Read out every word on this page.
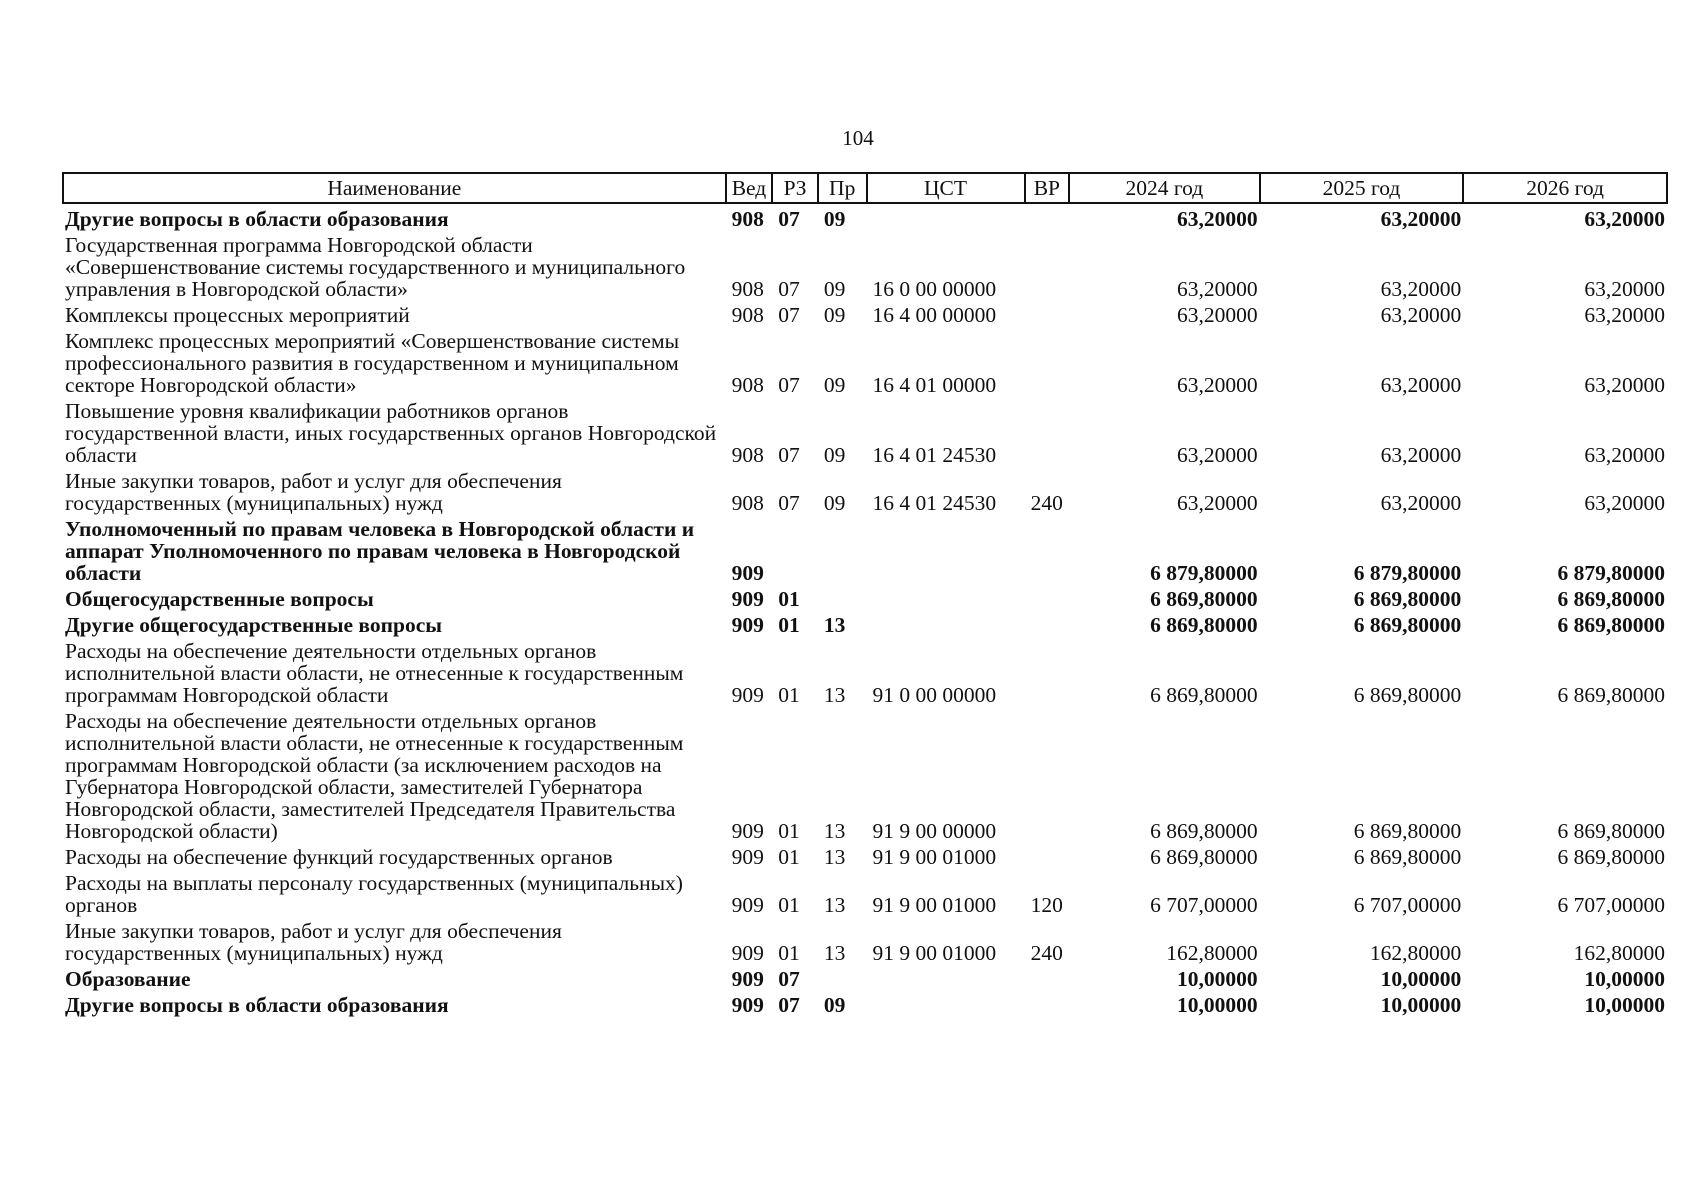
104
Наименование	Вед	РЗ	Пр	ЦСТ	ВР	2024 год	2025 год	2026 год
Другие вопросы в области образования	908	07	09			63,20000	63,20000	63,20000
Государственная программа Новгородской области «Совершенствование системы государственного и муниципального управления в Новгородской области»	908	07	09	16 0 00 00000		63,20000	63,20000	63,20000
Комплексы процессных мероприятий	908	07	09	16 4 00 00000		63,20000	63,20000	63,20000
Комплекс процессных мероприятий «Совершенствование системы профессионального развития в государственном и муниципальном секторе Новгородской области»	908	07	09	16 4 01 00000		63,20000	63,20000	63,20000
Повышение уровня квалификации работников органов государственной власти, иных государственных органов Новгородской области	908	07	09	16 4 01 24530		63,20000	63,20000	63,20000
Иные закупки товаров, работ и услуг для обеспечения государственных (муниципальных) нужд	908	07	09	16 4 01 24530	240	63,20000	63,20000	63,20000
Уполномоченный по правам человека в Новгородской области и аппарат Уполномоченного по правам человека в Новгородской области	909					6 879,80000	6 879,80000	6 879,80000
Общегосударственные вопросы	909	01				6 869,80000	6 869,80000	6 869,80000
Другие общегосударственные вопросы	909	01	13			6 869,80000	6 869,80000	6 869,80000
Расходы на обеспечение деятельности отдельных органов исполнительной власти области, не отнесенные к государственным программам Новгородской области	909	01	13	91 0 00 00000		6 869,80000	6 869,80000	6 869,80000
Расходы на обеспечение деятельности отдельных органов исполнительной власти области, не отнесенные к государственным программам Новгородской области (за исключением расходов на Губернатора Новгородской области, заместителей Губернатора Новгородской области, заместителей Председателя Правительства Новгородской области)	909	01	13	91 9 00 00000		6 869,80000	6 869,80000	6 869,80000
Расходы на обеспечение функций государственных органов	909	01	13	91 9 00 01000		6 869,80000	6 869,80000	6 869,80000
Расходы на выплаты персоналу государственных (муниципальных) органов	909	01	13	91 9 00 01000	120	6 707,00000	6 707,00000	6 707,00000
Иные закупки товаров, работ и услуг для обеспечения государственных (муниципальных) нужд	909	01	13	91 9 00 01000	240	162,80000	162,80000	162,80000
Образование	909	07				10,00000	10,00000	10,00000
Другие вопросы в области образования	909	07	09			10,00000	10,00000	10,00000
